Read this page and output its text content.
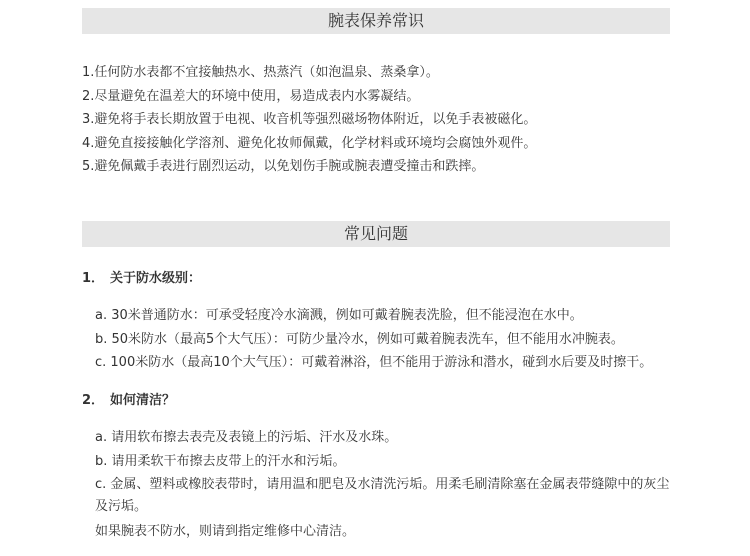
腕表保养常识
1.任何防水表都不宜接触热水、热蒸汽（如泡温泉、蒸桑拿）。
2.尽量避免在温差大的环境中使用，易造成表内水雾凝结。
3.避免将手表长期放置于电视、收音机等强烈磁场物体附近，以免手表被磁化。
4.避免直接接触化学溶剂、避免化妆师佩戴，化学材料或环境均会腐蚀外观件。
5.避免佩戴手表进行剧烈运动，以免划伤手腕或腕表遭受撞击和跌摔。
常见问题
1． 关于防水级别：
a. 30米普通防水：可承受轻度冷水滴溅，例如可戴着腕表洗脸，但不能浸泡在水中。
b. 50米防水（最高5个大气压）：可防少量冷水，例如可戴着腕表洗车，但不能用水冲腕表。
c. 100米防水（最高10个大气压）：可戴着淋浴，但不能用于游泳和潜水，碰到水后要及时擦干。
2． 如何清洁？
a. 请用软布擦去表壳及表镜上的污垢、汗水及水珠。
b. 请用柔软干布擦去皮带上的汗水和污垢。
c. 金属、塑料或橡胶表带时，请用温和肥皂及水清洗污垢。用柔毛刷清除塞在金属表带缝隙中的灰尘及污垢。
如果腕表不防水，则请到指定维修中心清洁。
